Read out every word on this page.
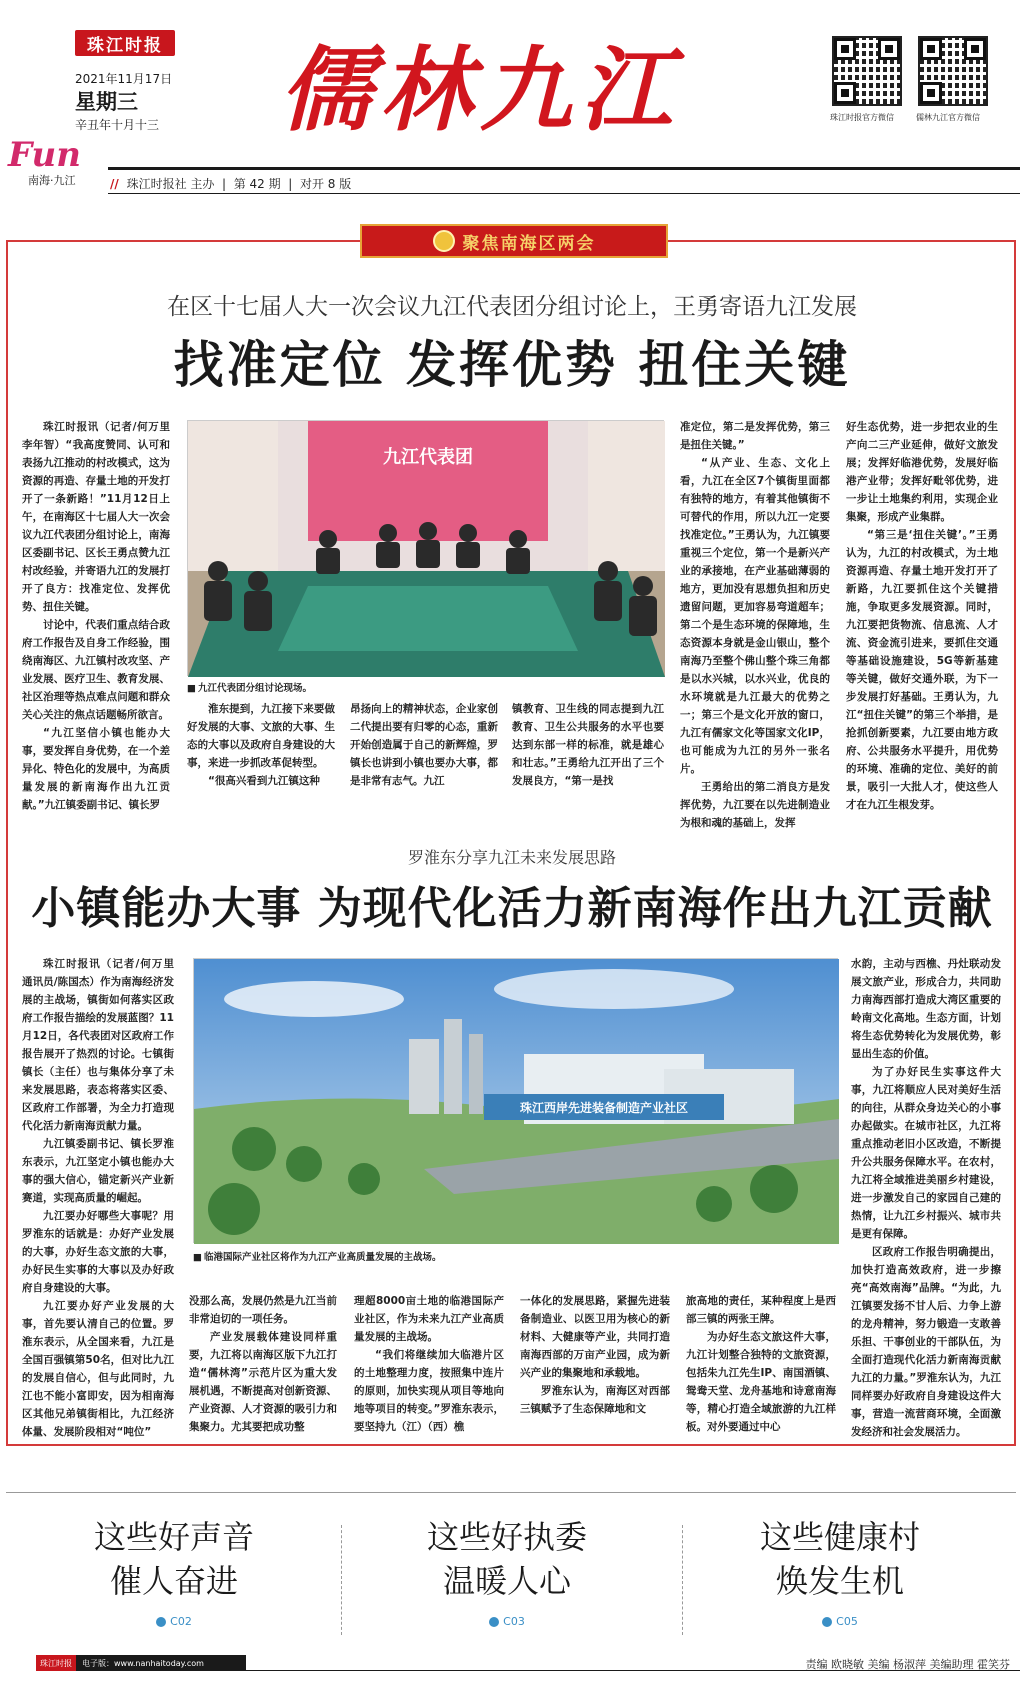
珠江时报
2021年11月17日
星期三
辛丑年十月十三
Fun
南海·九江
儒林九江	珠江时报官方微信	儒林九江官方微信
// 珠江时报社 主办  |  第 42 期  |  对开 8 版
聚焦南海区两会
在区十七届人大一次会议九江代表团分组讨论上，王勇寄语九江发展
找准定位 发挥优势 扭住关键

珠江时报讯（记者/何万里 李年智）“我高度赞同、认可和表扬九江推动的村改模式，这为资源的再造、存量土地的开发打开了一条新路！”11月12日上午，在南海区十七届人大一次会议九江代表团分组讨论上，南海区委副书记、区长王勇点赞九江村改经验，并寄语九江的发展打开了良方：找准定位、发挥优势、扭住关键。

讨论中，代表们重点结合政府工作报告及自身工作经验，围绕南海区、九江镇村改攻坚、产业发展、医疗卫生、教育发展、社区治理等热点难点问题和群众关心关注的焦点话题畅所欲言。

“九江坚信小镇也能办大事，要发挥自身优势，在一个差异化、特色化的发展中，为高质量发展的新南海作出九江贡献。”九江镇委副书记、镇长罗

九江代表团
■ 九江代表团分组讨论现场。

淮东提到，九江接下来要做好发展的大事、文旅的大事、生态的大事以及政府自身建设的大事，来进一步抓改革促转型。

“很高兴看到九江镇这种

昂扬向上的精神状态，企业家创二代提出要有归零的心态，重新开始创造属于自己的新辉煌，罗镇长也讲到小镇也要办大事，都是非常有志气。九江

镇教育、卫生线的同志提到九江教育、卫生公共服务的水平也要达到东部一样的标准，就是雄心和壮志。”王勇给九江开出了三个发展良方，“第一是找

准定位，第二是发挥优势，第三是扭住关键。”

“从产业、生态、文化上看，九江在全区7个镇街里面都有独特的地方，有着其他镇街不可替代的作用，所以九江一定要找准定位。”王勇认为，九江镇要重视三个定位，第一个是新兴产业的承接地，在产业基础薄弱的地方，更加没有思想负担和历史遗留问题，更加容易弯道超车；第二个是生态环境的保障地，生态资源本身就是金山银山，整个南海乃至整个佛山整个珠三角都是以水兴城，以水兴业，优良的水环境就是九江最大的优势之一；第三个是文化开放的窗口，九江有儒家文化等国家文化IP，也可能成为九江的另外一张名片。

王勇给出的第二消良方是发挥优势，九江要在以先进制造业为根和魂的基础上，发挥

好生态优势，进一步把农业的生产向二三产业延伸，做好文旅发展；发挥好临港优势，发展好临港产业带；发挥好毗邻优势，进一步让土地集约利用，实现企业集聚，形成产业集群。

“第三是‘扭住关键’。”王勇认为，九江的村改模式，为土地资源再造、存量土地开发打开了新路，九江要抓住这个关键措施，争取更多发展资源。同时，九江要把货物流、信息流、人才流、资金流引进来，要抓住交通等基础设施建设，5G等新基建等关键，做好交通外联，为下一步发展打好基础。王勇认为，九江“扭住关键”的第三个举措，是抢抓创新要素，九江要由地方政府、公共服务水平提升，用优势的环境、准确的定位、美好的前景，吸引一大批人才，使这些人才在九江生根发芽。

罗淮东分享九江未来发展思路
小镇能办大事 为现代化活力新南海作出九江贡献

珠江时报讯（记者/何万里 通讯员/陈国杰）作为南海经济发展的主战场，镇街如何落实区政府工作报告描绘的发展蓝图？11月12日，各代表团对区政府工作报告展开了热烈的讨论。七镇街镇长（主任）也与集体分享了未来发展思路，表态将落实区委、区政府工作部署，为全力打造现代化活力新南海贡献力量。

九江镇委副书记、镇长罗淮东表示，九江坚定小镇也能办大事的强大信心，锚定新兴产业新赛道，实现高质量的崛起。

九江要办好哪些大事呢？用罗淮东的话就是：办好产业发展的大事，办好生态文旅的大事，办好民生实事的大事以及办好政府自身建设的大事。

九江要办好产业发展的大事，首先要认清自己的位置。罗淮东表示，从全国来看，九江是全国百强镇第50名，但对比九江的发展自信心，但与此同时，九江也不能小富即安，因为相南海区其他兄弟镇街相比，九江经济体量、发展阶段相对“吨位”

珠江西岸先进装备制造产业社区
■ 临港国际产业社区将作为九江产业高质量发展的主战场。

没那么高，发展仍然是九江当前非常迫切的一项任务。

产业发展载体建设同样重要，九江将以南海区版下九江打造“儒林湾”示范片区为重大发展机遇，不断提高对创新资源、产业资源、人才资源的吸引力和集聚力。尤其要把成功整

理超8000亩土地的临港国际产业社区，作为未来九江产业高质量发展的主战场。

“我们将继续加大临港片区的土地整理力度，按照集中连片的原则，加快实现从项目等地向地等项目的转变。”罗淮东表示，要坚持九（江）（西）樵

一体化的发展思路，紧握先进装备制造业、以医卫用为核心的新材料、大健康等产业，共同打造南海西部的万亩产业园，成为新兴产业的集聚地和承载地。

罗淮东认为，南海区对西部三镇赋予了生态保障地和文

旅高地的责任，某种程度上是西部三镇的两张王牌。

为办好生态文旅这件大事，九江计划整合独特的文旅资源，包括朱九江先生IP、南国酒镇、鸳鸯天堂、龙舟基地和诗意南海等，精心打造全域旅游的九江样板。对外要通过中心

水韵，主动与西樵、丹灶联动发展文旅产业，形成合力，共同助力南海西部打造成大湾区重要的岭南文化高地。生态方面，计划将生态优势转化为发展优势，彰显出生态的价值。

为了办好民生实事这件大事，九江将顺应人民对美好生活的向往，从群众身边关心的小事办起做实。在城市社区，九江将重点推动老旧小区改造，不断提升公共服务保障水平。在农村，九江将全域推进美丽乡村建设，进一步激发自己的家园自己建的热情，让九江乡村振兴、城市共是更有保障。

区政府工作报告明确提出，加快打造高效政府，进一步擦亮“高效南海”品牌。“为此，九江镇要发扬不甘人后、力争上游的龙舟精神，努力锻造一支敢善乐担、干事创业的干部队伍，为全面打造现代化活力新南海贡献九江的力量。”罗淮东认为，九江同样要办好政府自身建设这件大事，营造一流营商环境，全面激发经济和社会发展活力。

这些好声音
催人奋进
C02
这些好执委
温暖人心
C03
这些健康村
焕发生机
C05
珠江时报	电子版：www.nanhaitoday.com	责编 欧晓敏 美编 杨淑萍 美编助理 霍笑芬
